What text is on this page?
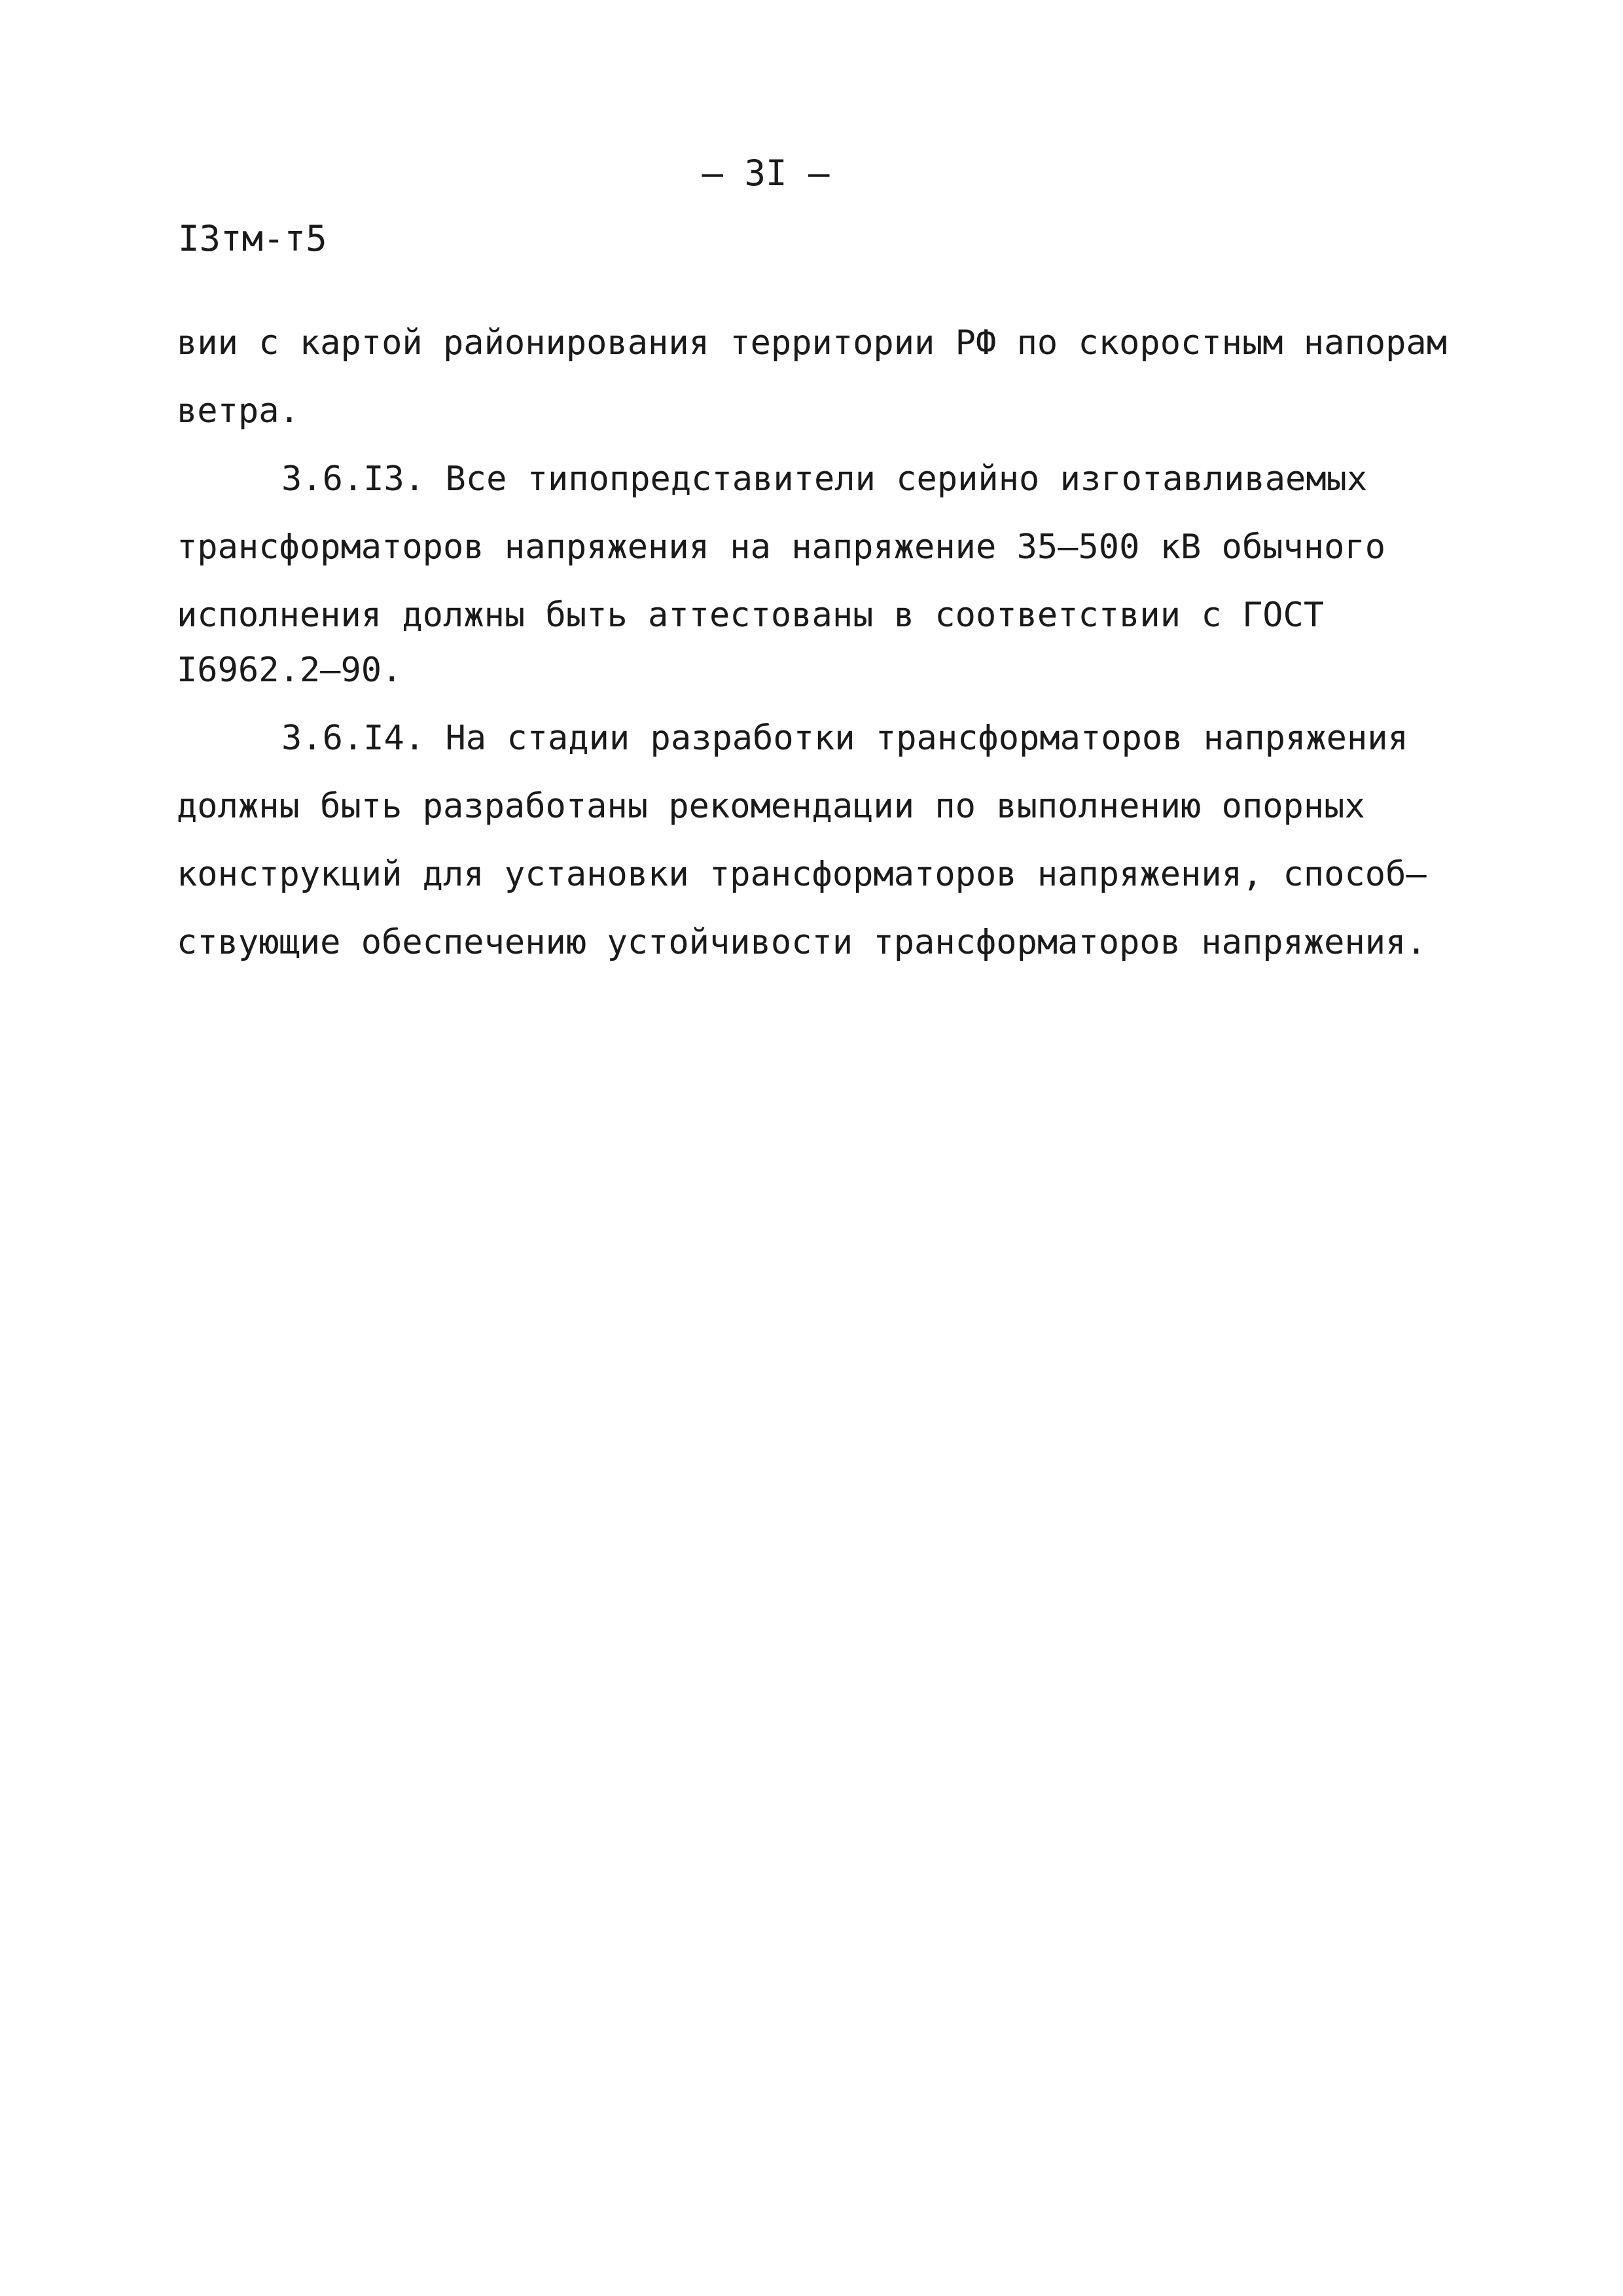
– 3I –
I3тм-т5
вии с картой районирования территории РФ по скоростным напорам
ветра.
3.6.I3. Все типопредставители серийно изготавливаемых
трансформаторов напряжения на напряжение 35–500 кВ обычного
исполнения должны быть аттестованы в соответствии с ГОСТ
I6962.2–90.
3.6.I4. На стадии разработки трансформаторов напряжения
должны быть разработаны рекомендации по выполнению опорных
конструкций для установки трансформаторов напряжения, способ–
ствующие обеспечению устойчивости трансформаторов напряжения.
